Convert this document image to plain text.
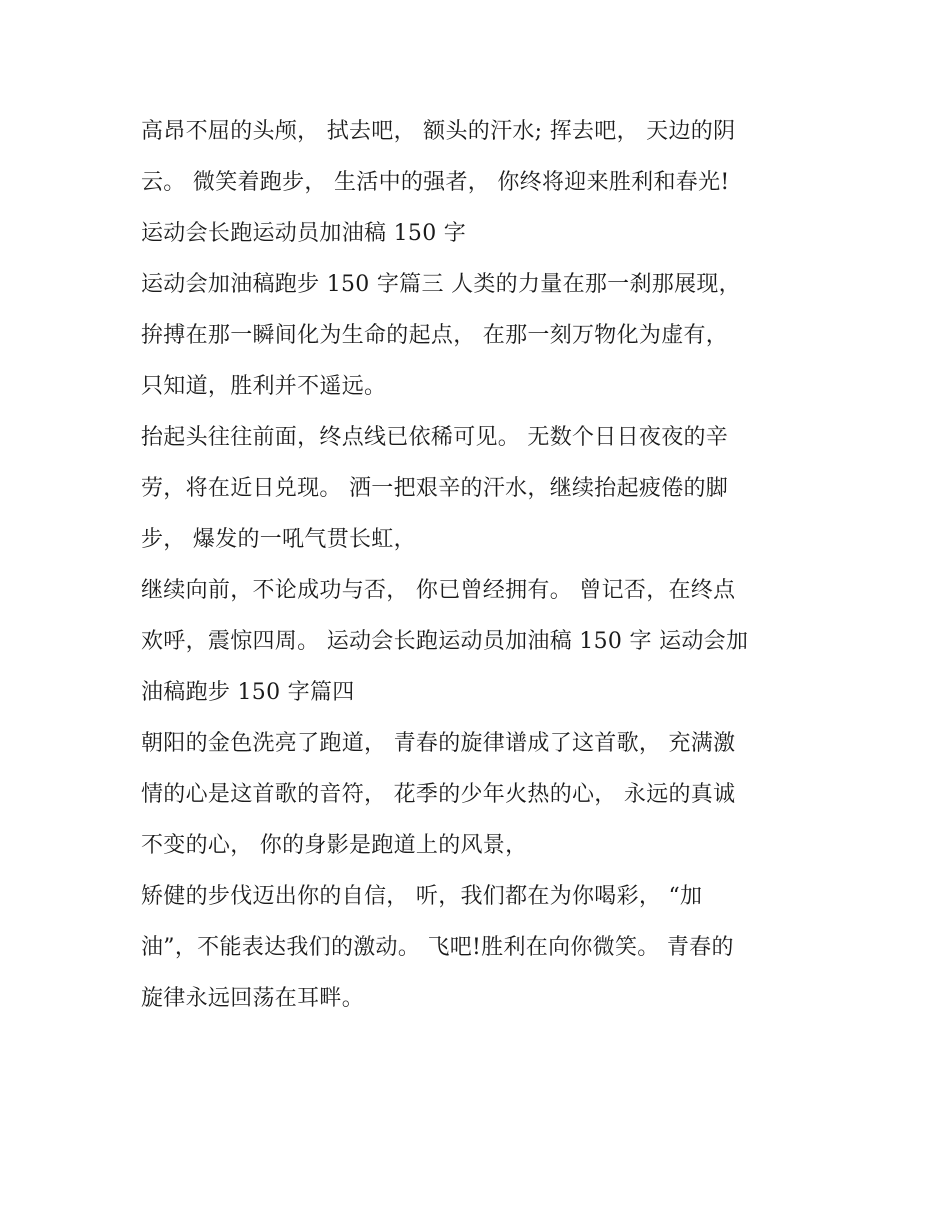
高昂不屈的头颅， 拭去吧， 额头的汗水; 挥去吧， 天边的阴
云。 微笑着跑步， 生活中的强者， 你终将迎来胜利和春光!
运动会长跑运动员加油稿 150 字
运动会加油稿跑步 150 字篇三 人类的力量在那一刹那展现，
拚搏在那一瞬间化为生命的起点， 在那一刻万物化为虚有，
只知道，胜利并不遥远。
抬起头往往前面，终点线已依稀可见。 无数个日日夜夜的辛
劳，将在近日兑现。 洒一把艰辛的汗水，继续抬起疲倦的脚
步， 爆发的一吼气贯长虹，
继续向前，不论成功与否， 你已曾经拥有。 曾记否，在终点
欢呼，震惊四周。 运动会长跑运动员加油稿 150 字 运动会加
油稿跑步 150 字篇四
朝阳的金色洗亮了跑道， 青春的旋律谱成了这首歌， 充满激
情的心是这首歌的音符， 花季的少年火热的心， 永远的真诚
不变的心， 你的身影是跑道上的风景，
矫健的步伐迈出你的自信， 听，我们都在为你喝彩， “加
油”，不能表达我们的激动。 飞吧!胜利在向你微笑。 青春的
旋律永远回荡在耳畔。
